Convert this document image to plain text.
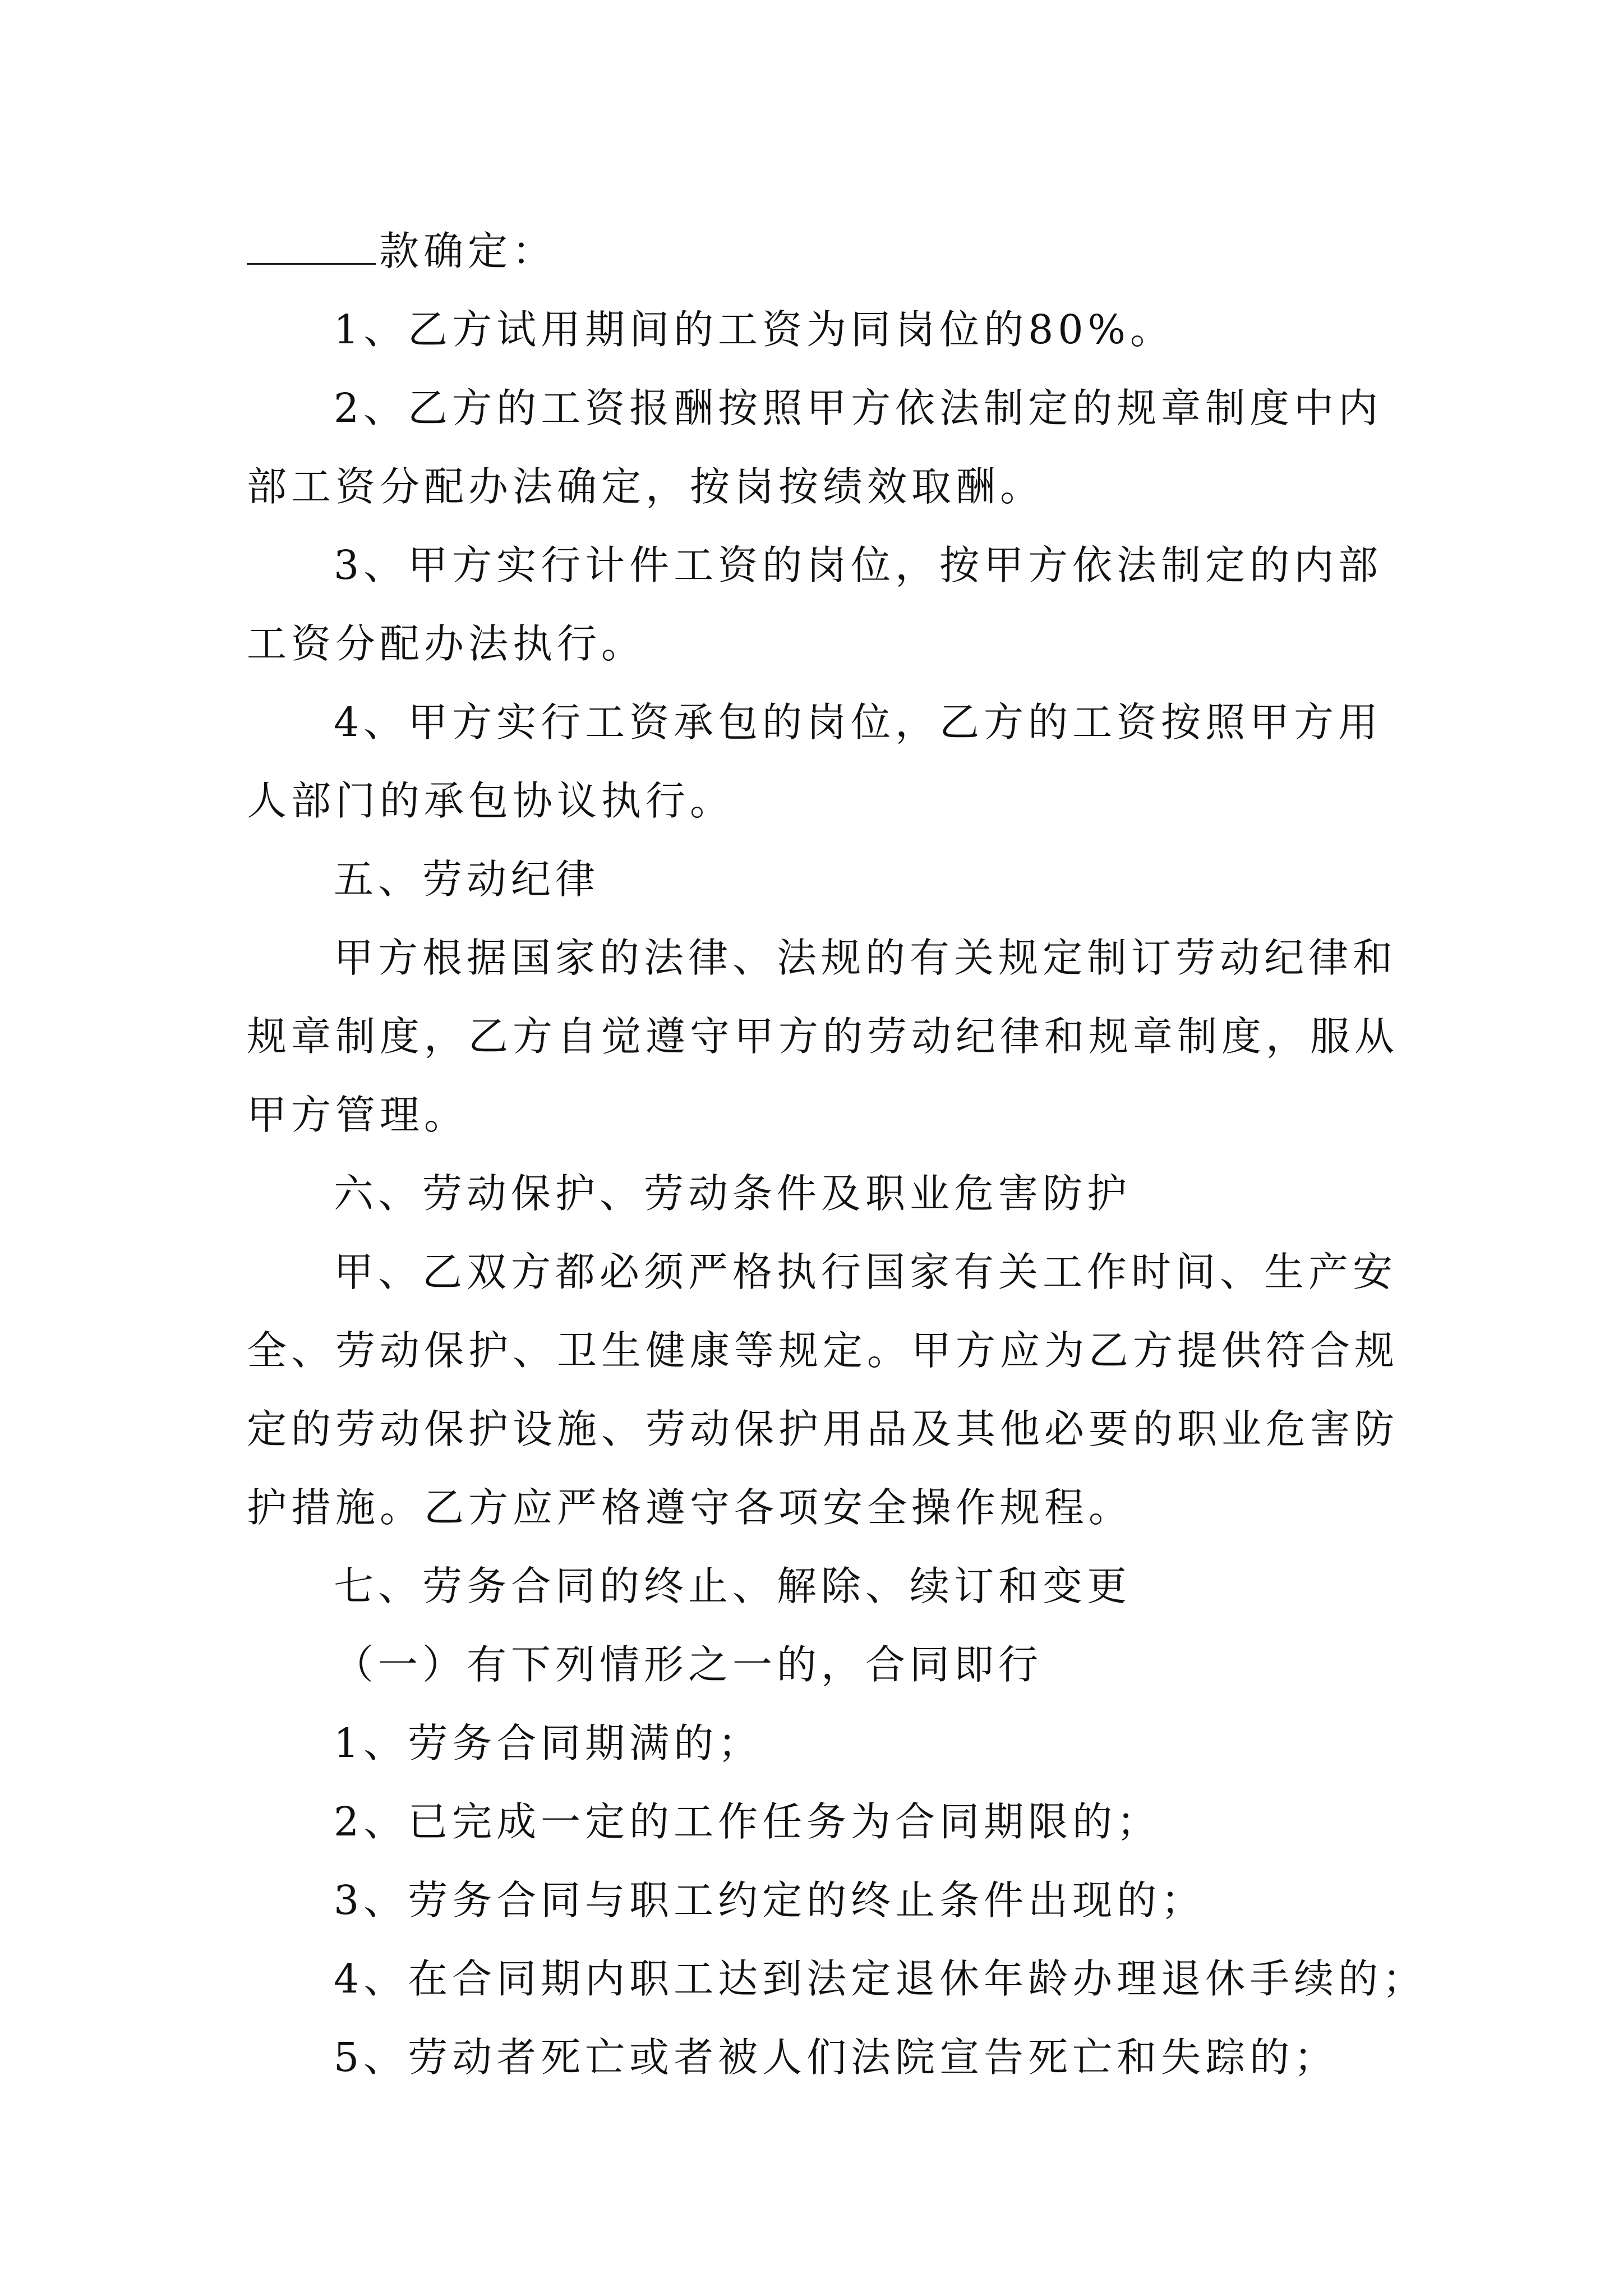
款确定：

1、乙方试用期间的工资为同岗位的80%。

2、乙方的工资报酬按照甲方依法制定的规章制度中内

部工资分配办法确定，按岗按绩效取酬。

3、甲方实行计件工资的岗位，按甲方依法制定的内部

工资分配办法执行。

4、甲方实行工资承包的岗位，乙方的工资按照甲方用

人部门的承包协议执行。

五、劳动纪律

甲方根据国家的法律、法规的有关规定制订劳动纪律和

规章制度，乙方自觉遵守甲方的劳动纪律和规章制度，服从

甲方管理。

六、劳动保护、劳动条件及职业危害防护

甲、乙双方都必须严格执行国家有关工作时间、生产安

全、劳动保护、卫生健康等规定。甲方应为乙方提供符合规

定的劳动保护设施、劳动保护用品及其他必要的职业危害防

护措施。乙方应严格遵守各项安全操作规程。

七、劳务合同的终止、解除、续订和变更

（一）有下列情形之一的，合同即行

1、劳务合同期满的；

2、已完成一定的工作任务为合同期限的；

3、劳务合同与职工约定的终止条件出现的；

4、在合同期内职工达到法定退休年龄办理退休手续的；

5、劳动者死亡或者被人们法院宣告死亡和失踪的；
